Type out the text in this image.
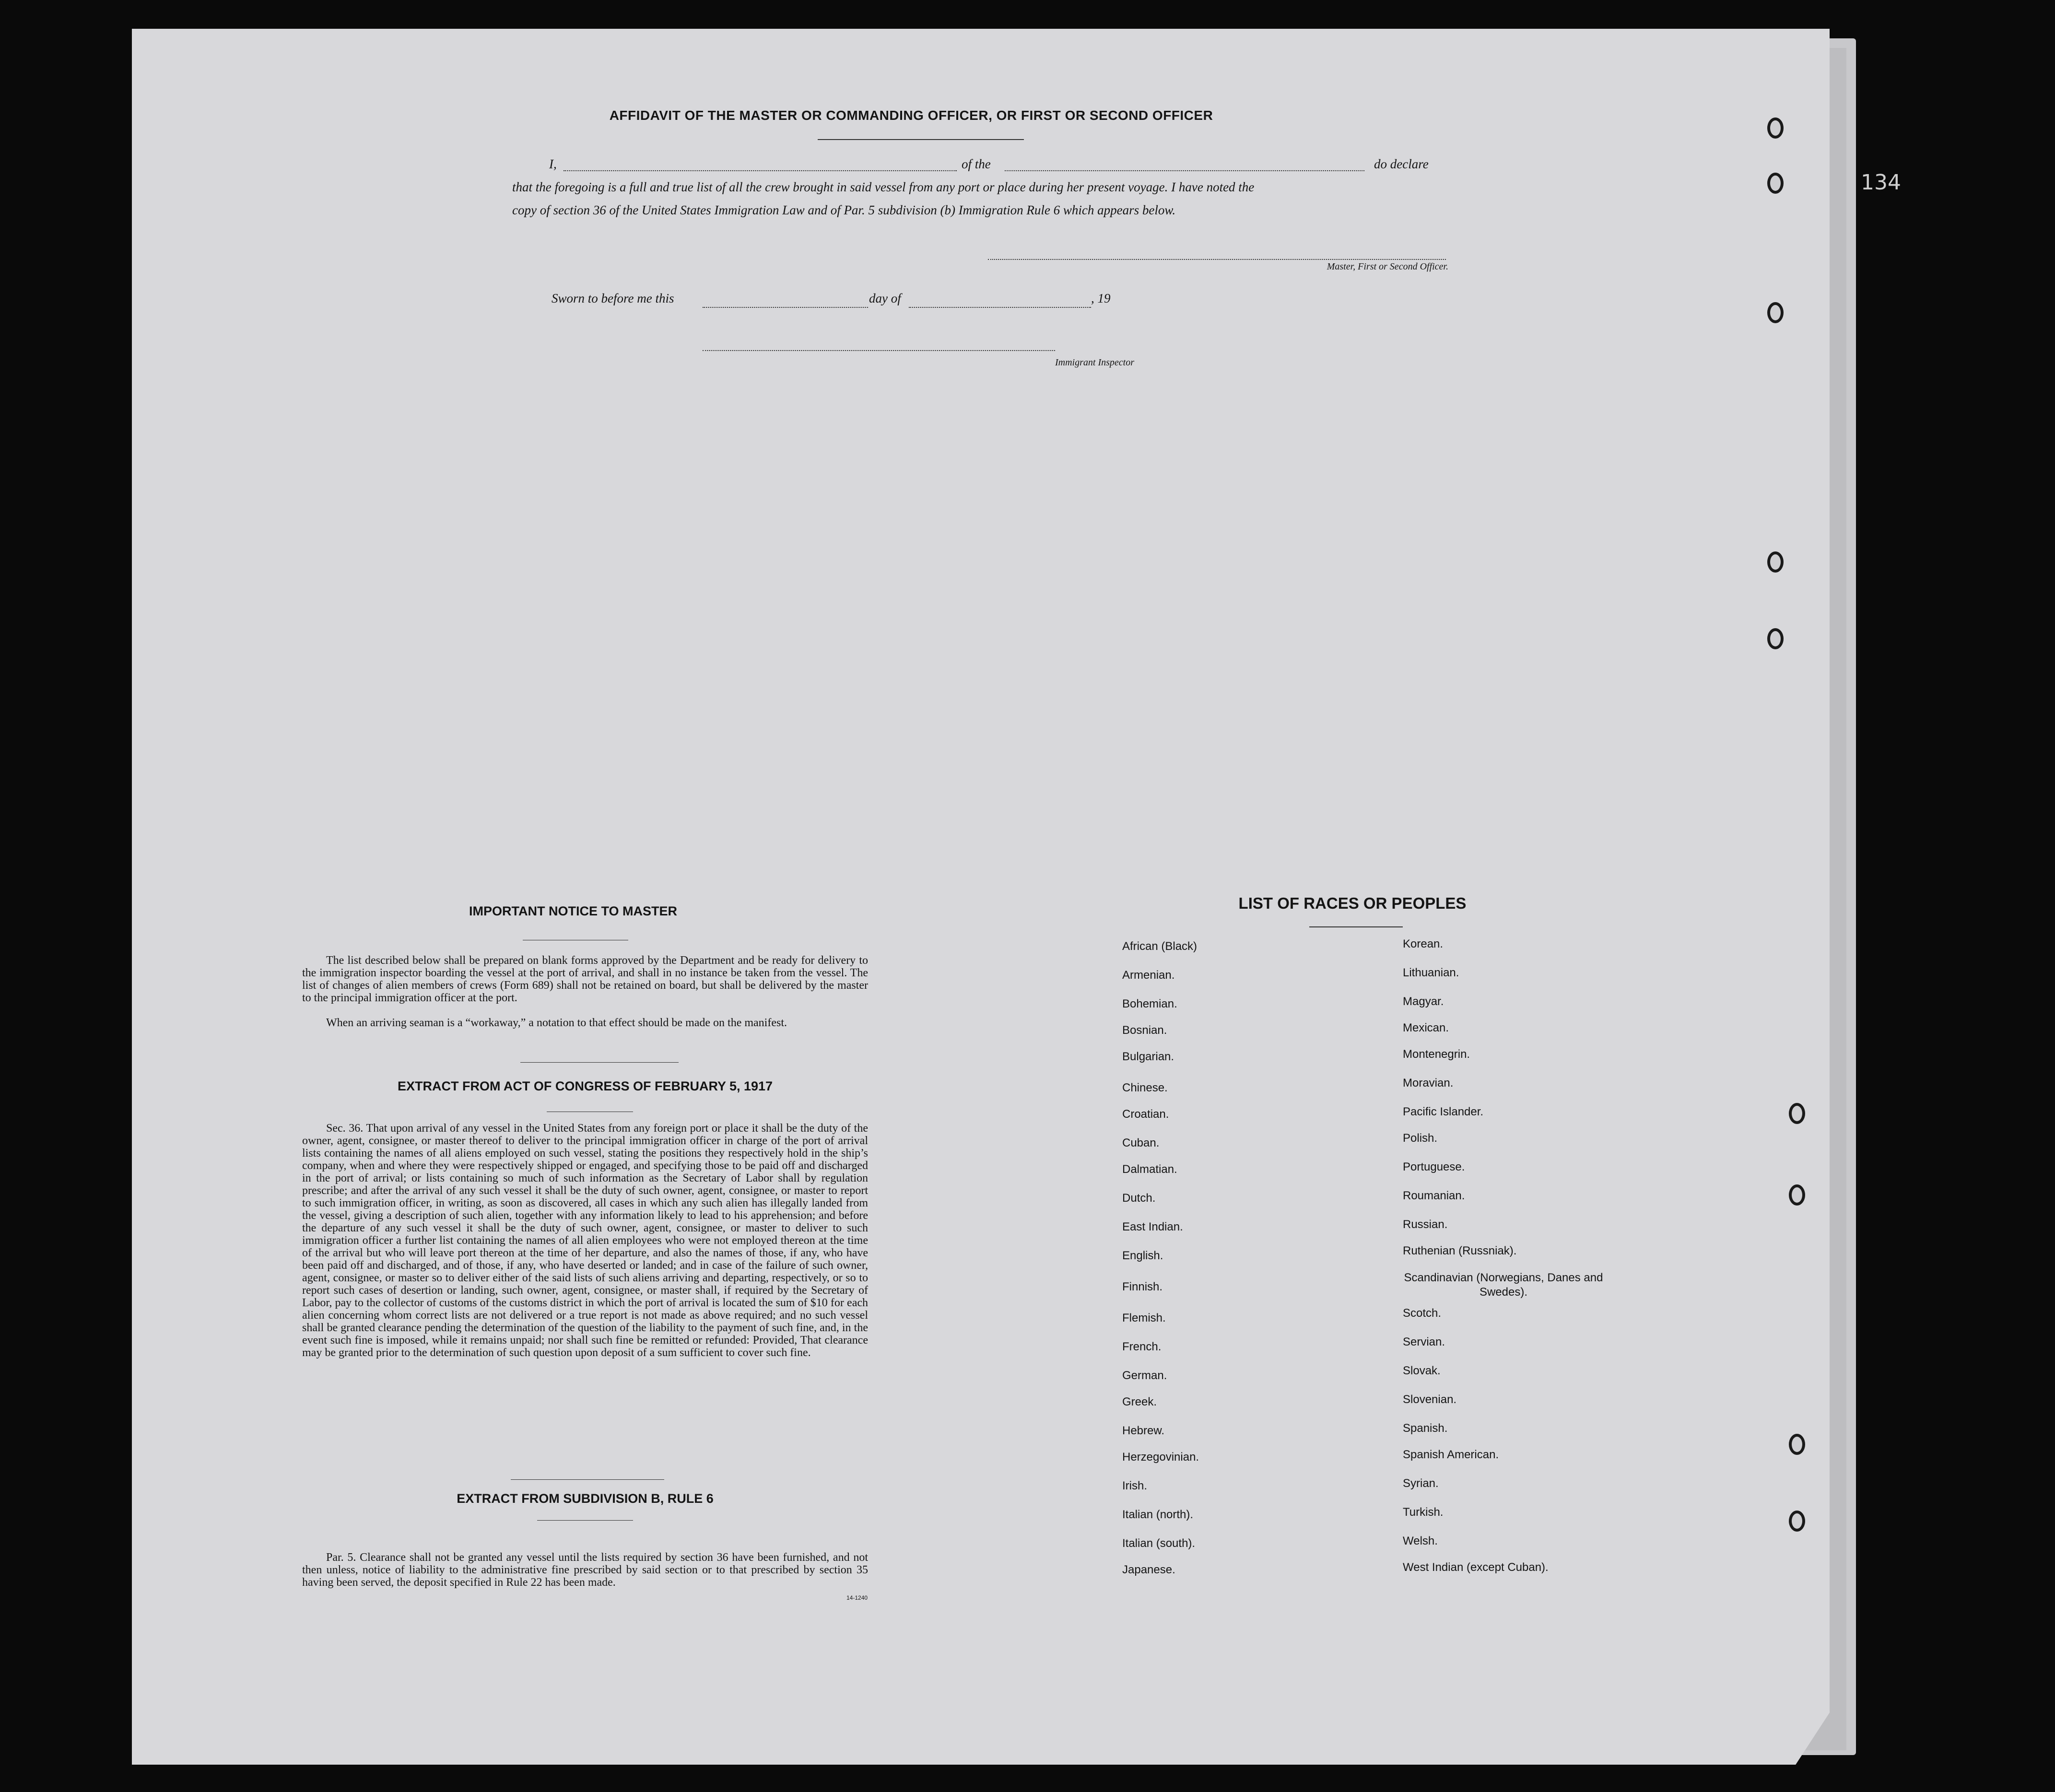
134
AFFIDAVIT OF THE MASTER OR COMMANDING OFFICER, OR FIRST OR SECOND OFFICER
I,	of the	do declare
that the foregoing is a full and true list of all the crew brought in said vessel from any port or place during her present voyage. I have noted the
copy of section 36 of the United States Immigration Law and of Par. 5 subdivision (b) Immigration Rule 6 which appears below.
Master, First or Second Officer.
Sworn to before me this	day of	, 19
Immigrant Inspector
IMPORTANT NOTICE TO MASTER
The list described below shall be prepared on blank forms approved by the Department and be ready for delivery to the immigration inspector boarding the vessel at the port of arrival, and shall in no instance be taken from the vessel. The list of changes of alien members of crews (Form 689) shall not be retained on board, but shall be delivered by the master to the principal immigration officer at the port.
When an arriving seaman is a “workaway,” a notation to that effect should be made on the manifest.
EXTRACT FROM ACT OF CONGRESS OF FEBRUARY 5, 1917
Sec. 36. That upon arrival of any vessel in the United States from any foreign port or place it shall be the duty of the owner, agent, consignee, or master thereof to deliver to the principal immigration officer in charge of the port of arrival lists containing the names of all aliens employed on such vessel, stating the positions they respectively hold in the ship’s company, when and where they were respectively shipped or engaged, and specifying those to be paid off and discharged in the port of arrival; or lists containing so much of such information as the Secretary of Labor shall by regulation prescribe; and after the arrival of any such vessel it shall be the duty of such owner, agent, consignee, or master to report to such immigration officer, in writing, as soon as discovered, all cases in which any such alien has illegally landed from the vessel, giving a description of such alien, together with any information likely to lead to his apprehension; and before the departure of any such vessel it shall be the duty of such owner, agent, consignee, or master to deliver to such immigration officer a further list containing the names of all alien employees who were not employed thereon at the time of the arrival but who will leave port thereon at the time of her departure, and also the names of those, if any, who have been paid off and discharged, and of those, if any, who have deserted or landed; and in case of the failure of such owner, agent, consignee, or master so to deliver either of the said lists of such aliens arriving and departing, respectively, or so to report such cases of desertion or landing, such owner, agent, consignee, or master shall, if required by the Secretary of Labor, pay to the collector of customs of the customs district in which the port of arrival is located the sum of $10 for each alien concerning whom correct lists are not delivered or a true report is not made as above required; and no such vessel shall be granted clearance pending the determination of the question of the liability to the payment of such fine, and, in the event such fine is imposed, while it remains unpaid; nor shall such fine be remitted or refunded: Provided, That clearance may be granted prior to the determination of such question upon deposit of a sum sufficient to cover such fine.
EXTRACT FROM SUBDIVISION B, RULE 6
Par. 5. Clearance shall not be granted any vessel until the lists required by section 36 have been furnished, and not then unless, notice of liability to the administrative fine prescribed by said section or to that prescribed by section 35 having been served, the deposit specified in Rule 22 has been made.
14-1240
LIST OF RACES OR PEOPLES
African (Black)
Armenian.
Bohemian.
Bosnian.
Bulgarian.
Chinese.
Croatian.
Cuban.
Dalmatian.
Dutch.
East Indian.
English.
Finnish.
Flemish.
French.
German.
Greek.
Hebrew.
Herzegovinian.
Irish.
Italian (north).
Italian (south).
Japanese.
Korean.
Lithuanian.
Magyar.
Mexican.
Montenegrin.
Moravian.
Pacific Islander.
Polish.
Portuguese.
Roumanian.
Russian.
Ruthenian (Russniak).
Scandinavian (Norwegians, Danes and Swedes).
Scotch.
Servian.
Slovak.
Slovenian.
Spanish.
Spanish American.
Syrian.
Turkish.
Welsh.
West Indian (except Cuban).
